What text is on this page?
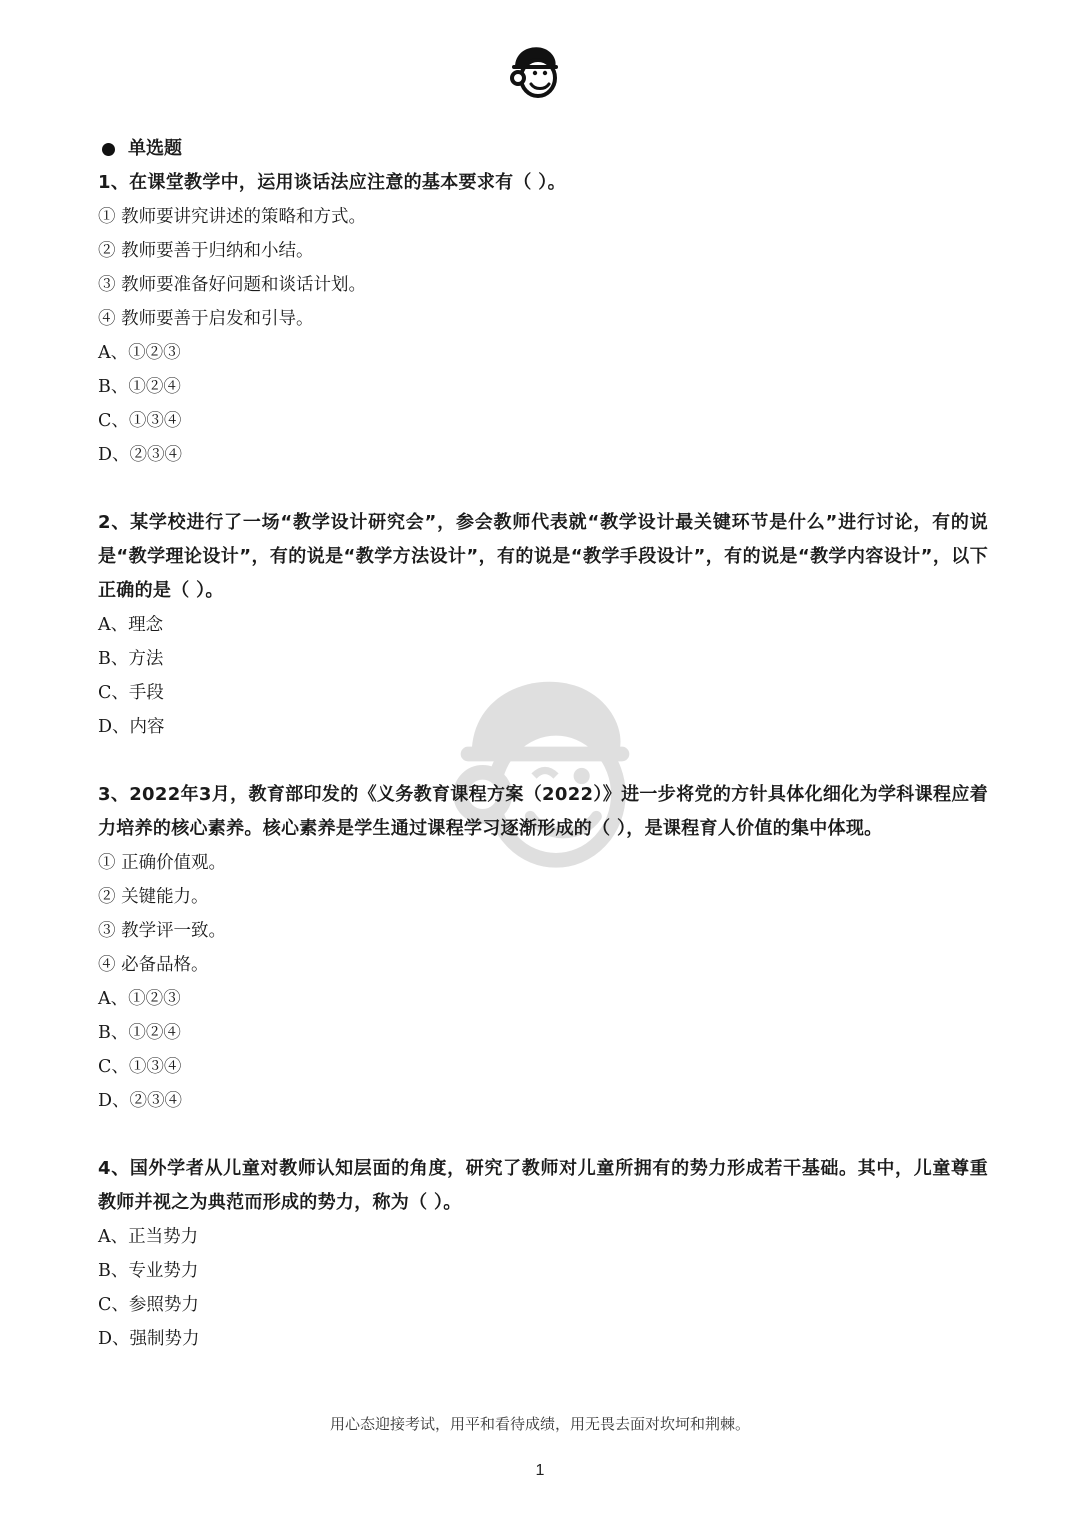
单选题
1、在课堂教学中，运用谈话法应注意的基本要求有（ ）。
① 教师要讲究讲述的策略和方式。
② 教师要善于归纳和小结。
③ 教师要准备好问题和谈话计划。
④ 教师要善于启发和引导。
A、①②③
B、①②④
C、①③④
D、②③④
2、某学校进行了一场“教学设计研究会”，参会教师代表就“教学设计最关键环节是什么”进行讨论，有的说是“教学理论设计”，有的说是“教学方法设计”，有的说是“教学手段设计”，有的说是“教学内容设计”，以下正确的是（ ）。
A、理念
B、方法
C、手段
D、内容
3、2022年3月，教育部印发的《义务教育课程方案（2022）》进一步将党的方针具体化细化为学科课程应着力培养的核心素养。核心素养是学生通过课程学习逐渐形成的（ ），是课程育人价值的集中体现。
① 正确价值观。
② 关键能力。
③ 教学评一致。
④ 必备品格。
A、①②③
B、①②④
C、①③④
D、②③④
4、国外学者从儿童对教师认知层面的角度，研究了教师对儿童所拥有的势力形成若干基础。其中，儿童尊重教师并视之为典范而形成的势力，称为（ ）。
A、正当势力
B、专业势力
C、参照势力
D、强制势力
用心态迎接考试，用平和看待成绩，用无畏去面对坎坷和荆棘。
1
